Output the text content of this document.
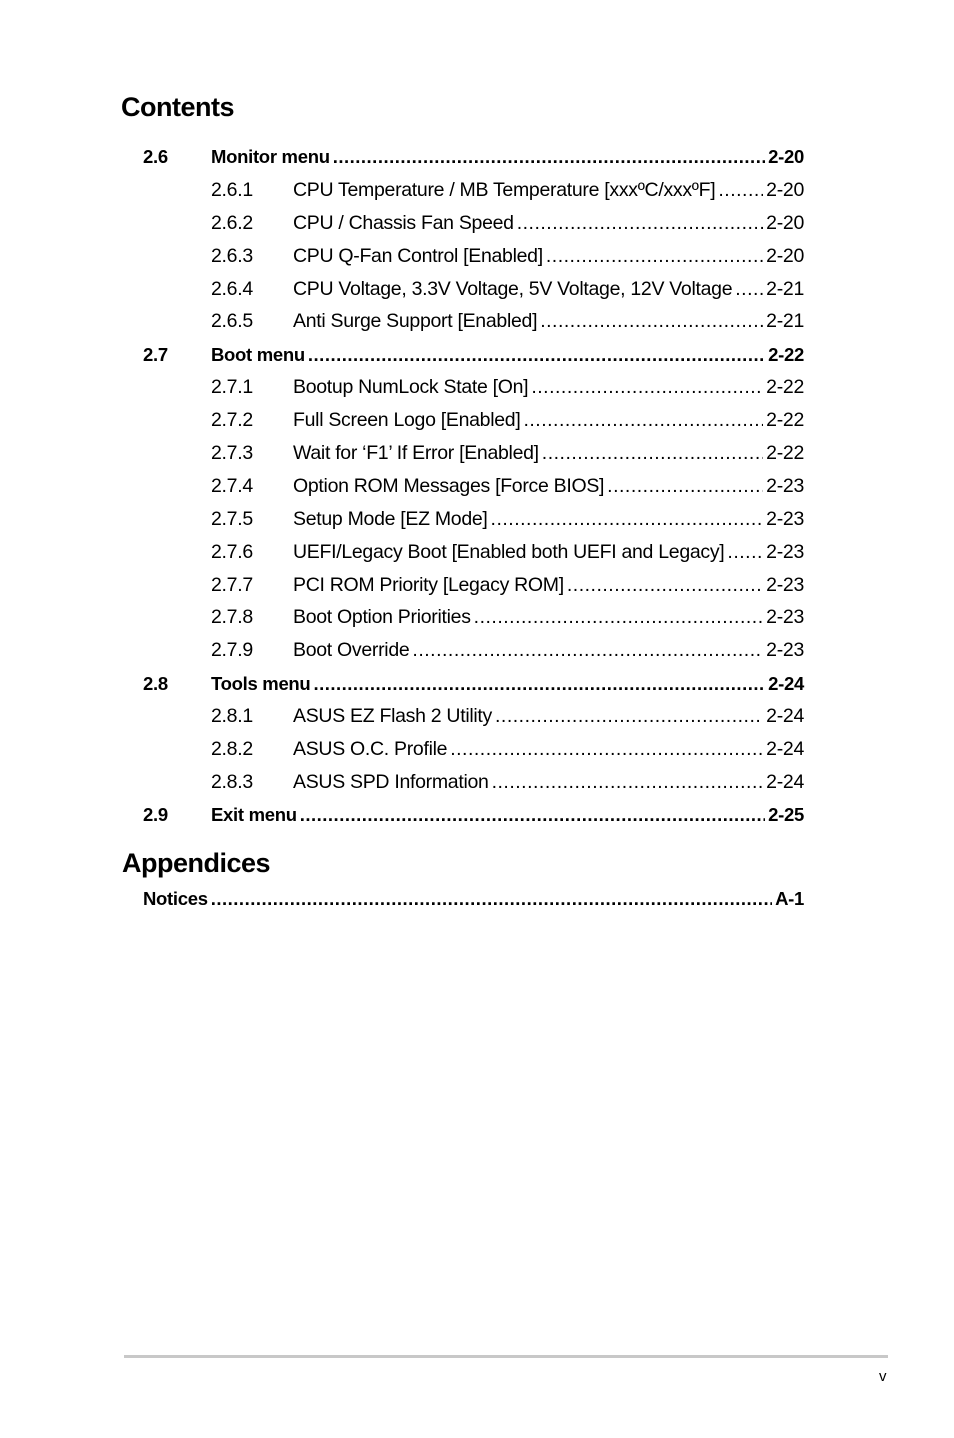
Contents
2.6	Monitor menu .....	2-20
2.6.1	CPU Temperature / MB Temperature [xxxºC/xxxºF] .....	2-20
2.6.2	CPU / Chassis Fan Speed .....	2-20
2.6.3	CPU Q-Fan Control [Enabled] .....	2-20
2.6.4	CPU Voltage, 3.3V Voltage, 5V Voltage, 12V Voltage ..... 2-21
2.6.5	Anti Surge Support [Enabled] .....	2-21
2.7	Boot menu .....	2-22
2.7.1	Bootup NumLock State [On] .....	2-22
2.7.2	Full Screen Logo [Enabled] .....	2-22
2.7.3	Wait for ‘F1’ If Error [Enabled] .....	2-22
2.7.4	Option ROM Messages [Force BIOS] .....	2-23
2.7.5	Setup Mode [EZ Mode] .....	2-23
2.7.6	UEFI/Legacy Boot [Enabled both UEFI and Legacy] ..... 2-23
2.7.7	PCI ROM Priority [Legacy ROM] .....	2-23
2.7.8	Boot Option Priorities .....	2-23
2.7.9	Boot Override .....	2-23
2.8	Tools menu .....	2-24
2.8.1	ASUS EZ Flash 2 Utility .....	2-24
2.8.2	ASUS O.C. Profile .....	2-24
2.8.3	ASUS SPD Information .....	2-24
2.9	Exit menu .....	2-25
Appendices
Notices .....	A-1
v
